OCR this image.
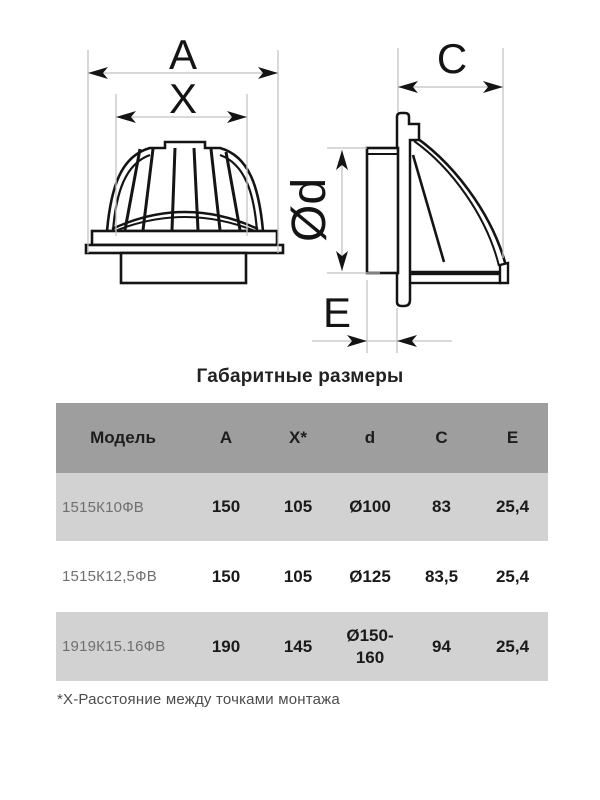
A
X
C
Ød
E
Габаритные размеры
Модель	A	X*	d	C	E
1515К10ФВ	150	105	Ø100	83	25,4
1515К12,5ФВ	150	105	Ø125	83,5	25,4
1919К15.16ФВ	190	145	Ø150-160	94	25,4
*Х-Расстояние между точками монтажа
